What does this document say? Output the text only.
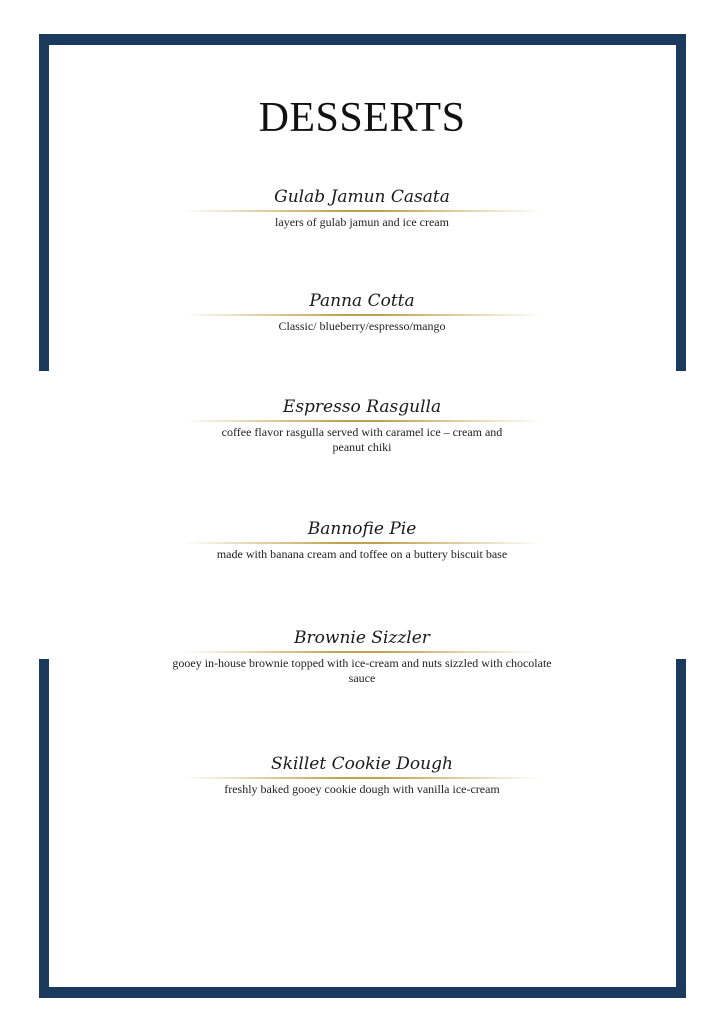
DESSERTS
Gulab Jamun Casata
layers of gulab jamun and ice cream
Panna Cotta
Classic/ blueberry/espresso/mango
Espresso Rasgulla
coffee flavor rasgulla served with caramel ice – cream and peanut chiki
Bannofie Pie
made with banana cream and toffee on a buttery biscuit base
Brownie Sizzler
gooey in-house brownie topped with ice-cream and nuts sizzled with chocolate sauce
Skillet Cookie Dough
freshly baked gooey cookie dough with vanilla ice-cream
